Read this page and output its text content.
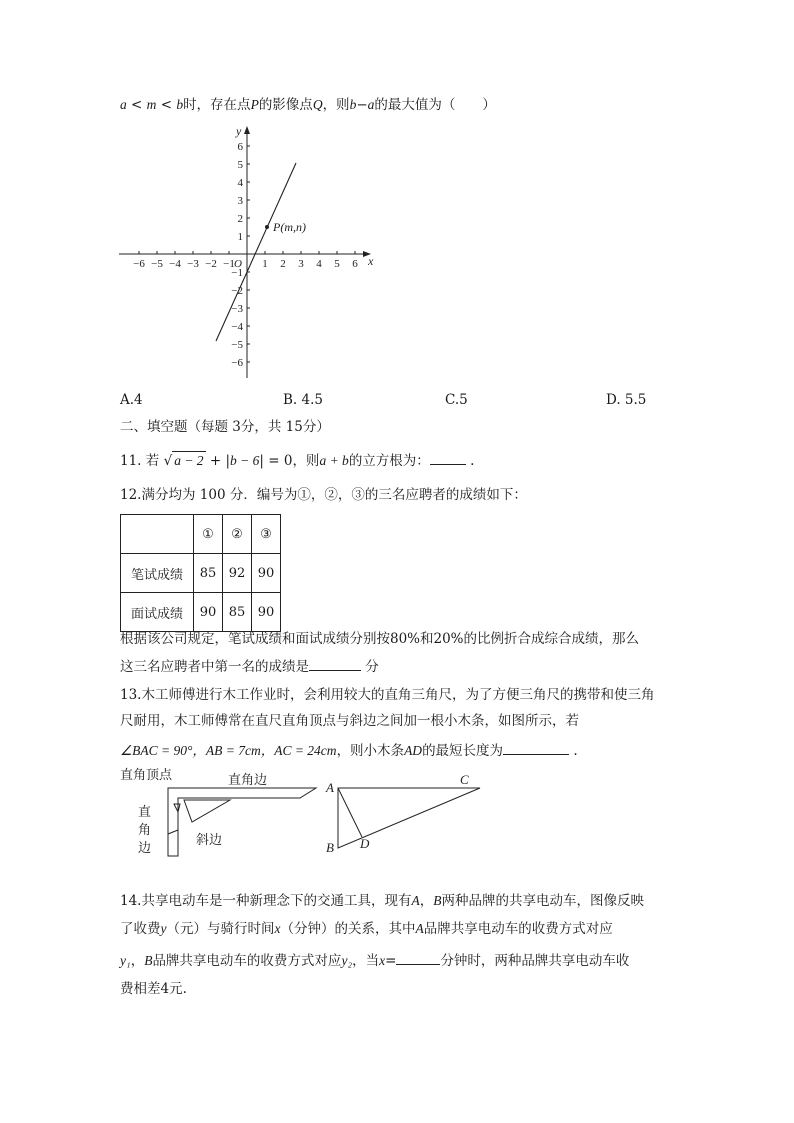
a < m < b时，存在点P的影像点Q，则b−a的最大值为（　　）
−6 −5 −4 −3 −2 −1 1 2 3 4 5 6
6
5
4
3
2
1
−1
−2
−3
−4
−5
−6
x
y
O
P(m,n)
A.4	B. 4.5	C.5	D. 5.5
二、填空题（每题 3分，共 15分）
11. 若 √ a − 2 + |b − 6| = 0，则a + b的立方根为：	.
12.满分均为 100 分．编号为①，②，③的三名应聘者的成绩如下：
	①	②	③
笔试成绩	85	92	90
面试成绩	90	85	90
根据该公司规定，笔试成绩和面试成绩分别按80%和20%的比例折合成综合成绩，那么
这三名应聘者中第一名的成绩是	分
13.木工师傅进行木工作业时，会利用较大的直角三角尺，为了方便三角尺的携带和使三角
尺耐用，木工师傅常在直尺直角顶点与斜边之间加一根小木条，如图所示，若
∠BAC = 90°，AB = 7cm，AC = 24cm，则小木条AD的最短长度为	.
直角顶点	直角边
直
角
边
斜边
A
C
B D
14.共享电动车是一种新理念下的交通工具，现有A，B两种品牌的共享电动车，图像反映
了收费y（元）与骑行时间x（分钟）的关系，其中A品牌共享电动车的收费方式对应
y₁，B品牌共享电动车的收费方式对应y₂，当x=	分钟时，两种品牌共享电动车收
费相差4元.
